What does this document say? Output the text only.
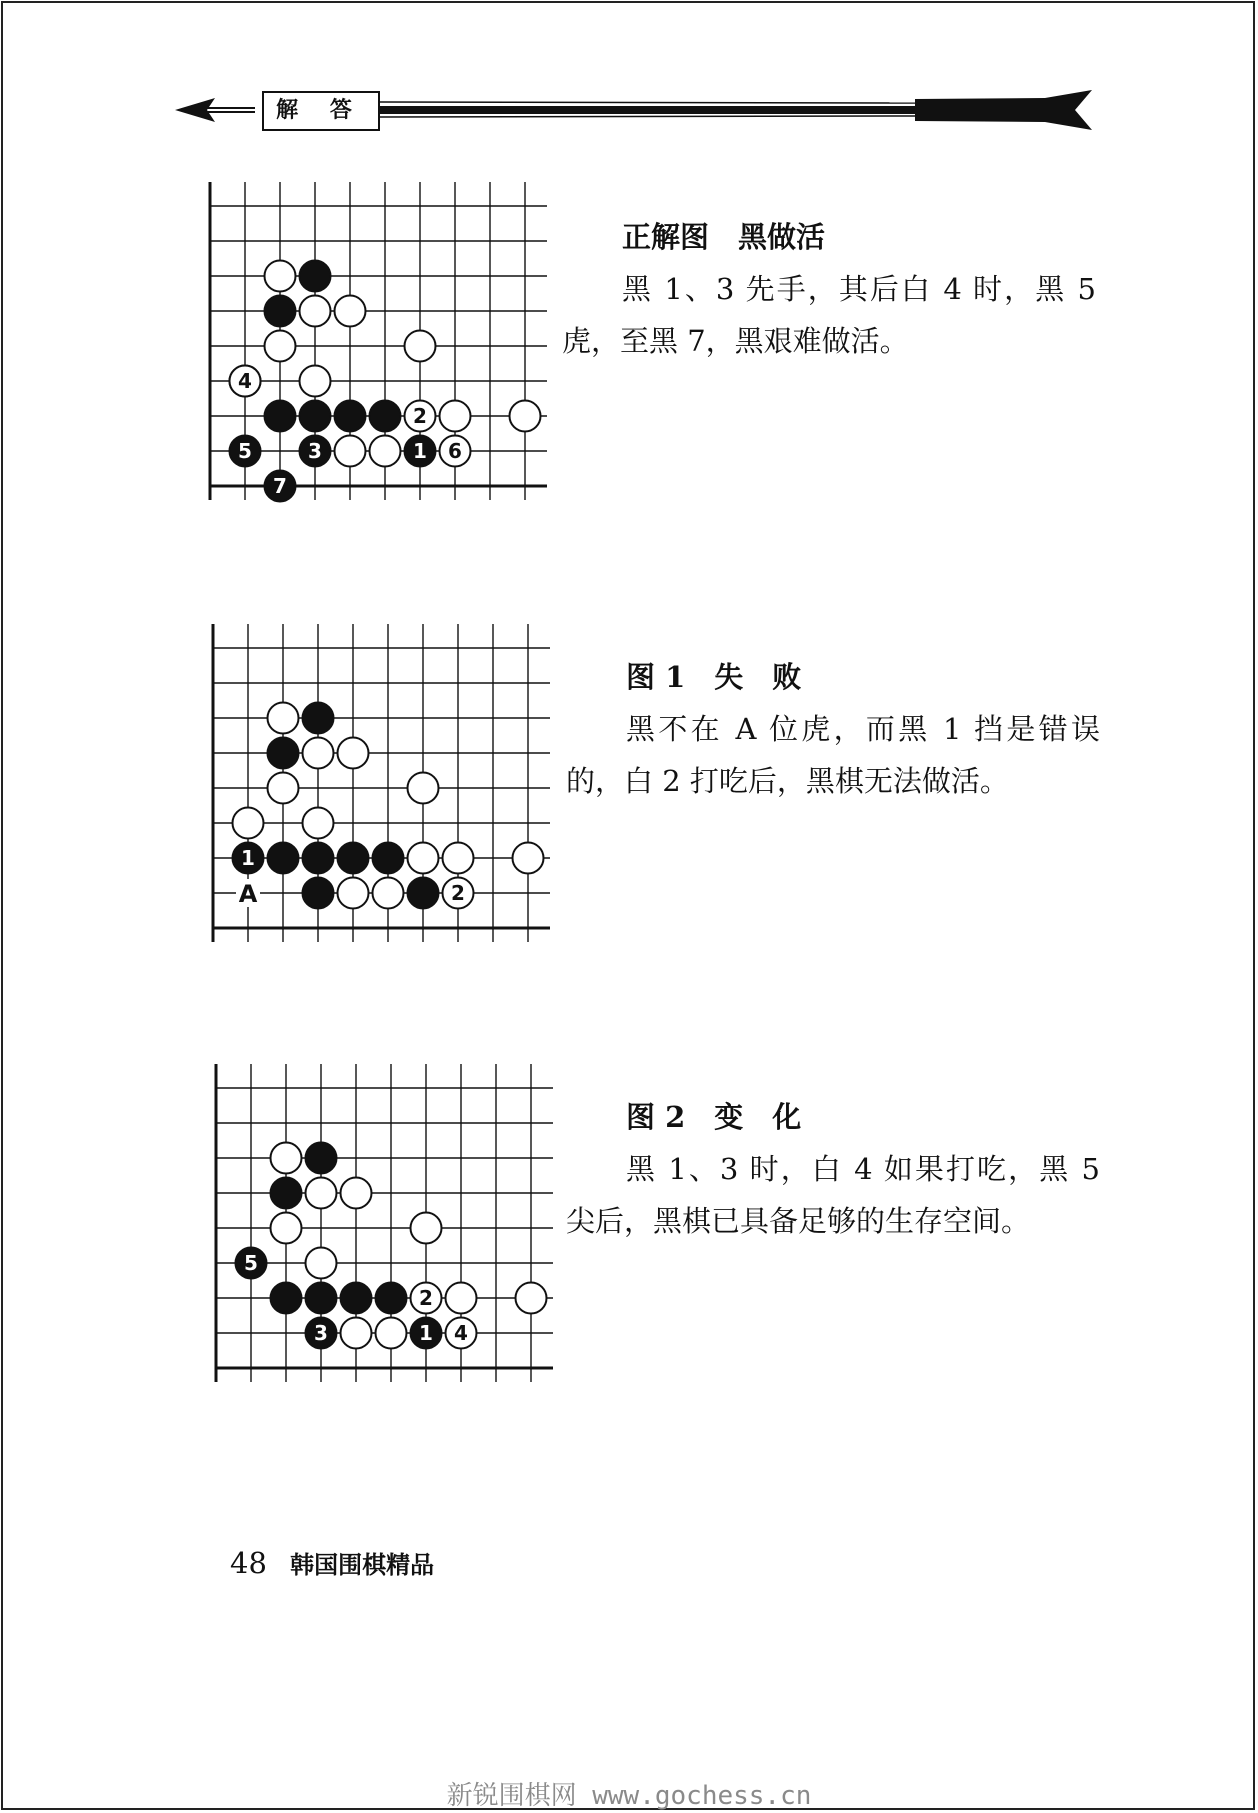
解 答
2
4
6
1
3
5
7
正解图　黑做活

黑 1、3 先手，其后白 4 时，黑 5 虎，至黑 7，黑艰难做活。

1
2
A
图 1　失　败

黑不在 A 位虎，而黑 1 挡是错误的，白 2 打吃后，黑棋无法做活。

2
4
1
3
5
图 2　变　化

黑 1、3 时，白 4 如果打吃，黑 5 尖后，黑棋已具备足够的生存空间。

48 韩国围棋精品
新锐围棋网 www.gochess.cn
